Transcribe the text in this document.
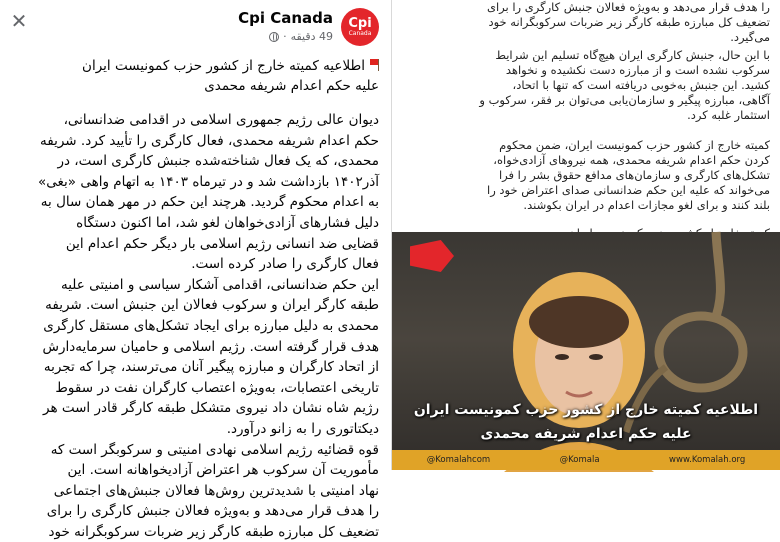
✕	Cpi
Canada
Cpi Canada
49 دقیقه
·
اطلاعیه کمیته خارج از کشور حزب کمونیست ایران
علیه حکم اعدام شریفه محمدی
دیوان عالی رژیم جمهوری اسلامی در اقدامی ضدانسانی،
حکم اعدام شریفه محمدی، فعال کارگری را تأیید کرد. شریفه
محمدی، که یک فعال شناخته‌شده جنبش کارگری است، در
آذر۱۴۰۲ بازداشت شد و در تیرماه ۱۴۰۳ به اتهام واهی «بغی»
به اعدام محکوم گردید. هرچند این حکم در مهر همان سال به
دلیل فشارهای آزادی‌خواهان لغو شد، اما اکنون دستگاه
قضایی ضد انسانی رژیم اسلامی بار دیگر حکم اعدام این
فعال کارگری را صادر کرده است.
این حکم ضدانسانی، اقدامی آشکار سیاسی و امنیتی علیه
طبقه کارگر ایران و سرکوب فعالان این جنبش است. شریفه
محمدی به دلیل مبارزه برای ایجاد تشکل‌های مستقل کارگری
هدف قرار گرفته است. رژیم اسلامی و حامیان سرمایه‌دارش
از اتحاد کارگران و مبارزه پیگیر آنان می‌ترسند، چرا که تجربه
تاریخی اعتصابات، به‌ویژه اعتصاب کارگران نفت در سقوط
رژیم شاه نشان داد نیروی متشکل طبقه کارگر قادر است هر
دیکتاتوری را به زانو درآورد.
قوه قضائیه رژیم اسلامی نهادی امنیتی و سرکوبگر است که
مأموریت آن سرکوب هر اعتراض آزادیخواهانه است. این
نهاد امنیتی با شدیدترین روش‌ها فعالان جنبش‌های اجتماعی
را هدف قرار می‌دهد و به‌ویژه فعالان جنبش کارگری را برای
تضعیف کل مبارزه طبقه کارگر زیر ضربات سرکوبگرانه خود
را هدف قرار می‌دهد و به‌ویژه فعالان جنبش کارگری را برای
تضعیف کل مبارزه طبقه کارگر زیر ضربات سرکوبگرانه خود
می‌گیرد.
با این حال، جنبش کارگری ایران هیچ‌گاه تسلیم این شرایط
سرکوب نشده است و از مبارزه دست نکشیده و نخواهد
کشید. این جنبش به‌خوبی دریافته است که تنها با اتحاد،
آگاهی، مبارزه پیگیر و سازمان‌یابی می‌توان بر فقر، سرکوب و
استثمار غلبه کرد.
کمیته خارج از کشور حزب کمونیست ایران، ضمن محکوم
کردن حکم اعدام شریفه محمدی، همه نیروهای آزادی‌خواه،
تشکل‌های کارگری و سازمان‌های مدافع حقوق بشر را فرا
می‌خواند که علیه این حکم ضدانسانی صدای اعتراض خود را
بلند کنند و برای لغو مجازات اعدام در ایران بکوشند.
اطلاعیه کمیته خارج از کشور حزب کمونیست ایران
علیه حکم اعدام شریفه محمدی
@Komalahcom	@Komala	www.Komalah.org
